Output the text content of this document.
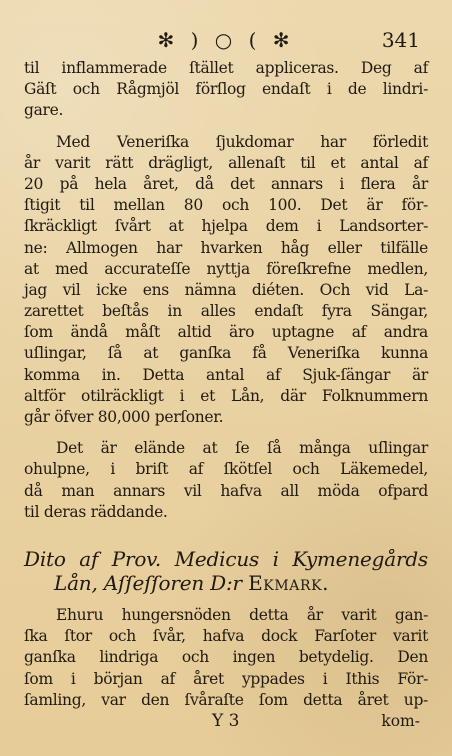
✻ ) ○ ( ✻	341
til inflammerade ſtället appliceras. Deg af
Gäſt och Rågmjöl förſlog endaſt i de lindri-
gare.
Med Veneriſka ſjukdomar har förledit
år varit rätt drägligt, allenaſt til et antal af
20 på hela året, då det annars i flera år
ſtigit til mellan 80 och 100. Det är för-
ſkräckligt ſvårt at hjelpa dem i Landsorter-
ne: Allmogen har hvarken håg eller tilfälle
at med accurateſſe nyttja föreſkrefne medlen,
jag vil icke ens nämna diéten. Och vid La-
zarettet beſtås in alles endaſt fyra Sängar,
ſom ändå måſt altid äro uptagne af andra
uſlingar, ſå at ganſka få Veneriſka kunna
komma in. Detta antal af Sjuk-ſängar är
altför otilräckligt i et Lån, där Folknummern
går öfver 80,000 perſoner.
Det är elände at ſe ſå många uſlingar
ohulpne, i briſt af ſkötſel och Läkemedel,
då man annars vil hafva all möda ofpard
til deras räddande.
Dito af Prov. Medicus i Kymenegårds
Lån, Aſſeſſoren D:r Ekmark.
Ehuru hungersnöden detta år varit gan-
ſka ſtor och ſvår, hafva dock Farſoter varit
ganſka lindriga och ingen betydelig. Den
ſom i början af året yppades i Ithis För-
ſamling, var den ſvåraſte ſom detta året up-
Y 3	kom-
